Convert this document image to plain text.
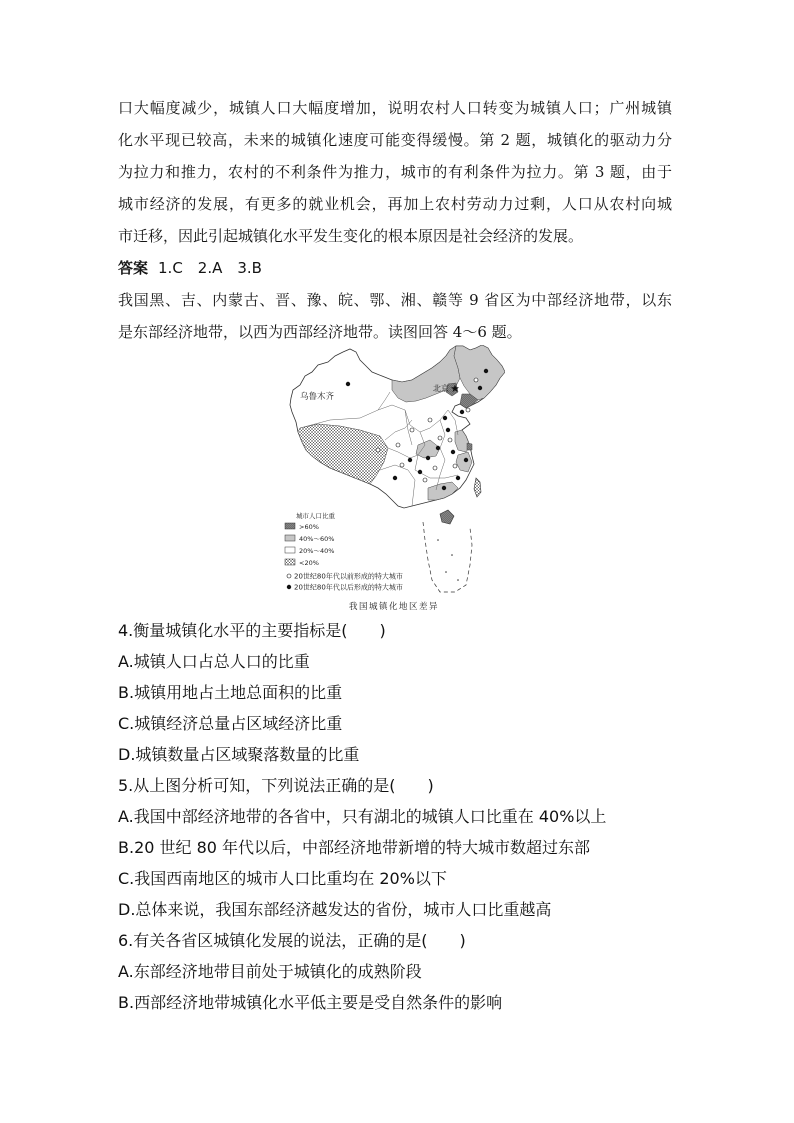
口大幅度减少，城镇人口大幅度增加，说明农村人口转变为城镇人口；广州城镇
化水平现已较高，未来的城镇化速度可能变得缓慢。第 2 题，城镇化的驱动力分
为拉力和推力，农村的不利条件为推力，城市的有利条件为拉力。第 3 题，由于
城市经济的发展，有更多的就业机会，再加上农村劳动力过剩，人口从农村向城
市迁移，因此引起城镇化水平发生变化的根本原因是社会经济的发展。
答案 1.C　2.A　3.B
我国黑、吉、内蒙古、晋、豫、皖、鄂、湘、赣等 9 省区为中部经济地带，以东
是东部经济地带，以西为西部经济地带。读图回答 4～6 题。
乌鲁木齐
北京
城市人口比重
>60%
40%～60%
20%～40%
<20%
20世纪80年代以前形成的特大城市
20世纪80年代以后形成的特大城市
我国城镇化地区差异
4.衡量城镇化水平的主要指标是(　　)
A.城镇人口占总人口的比重
B.城镇用地占土地总面积的比重
C.城镇经济总量占区域经济比重
D.城镇数量占区域聚落数量的比重
5.从上图分析可知，下列说法正确的是(　　)
A.我国中部经济地带的各省中，只有湖北的城镇人口比重在 40%以上
B.20 世纪 80 年代以后，中部经济地带新增的特大城市数超过东部
C.我国西南地区的城市人口比重均在 20%以下
D.总体来说，我国东部经济越发达的省份，城市人口比重越高
6.有关各省区城镇化发展的说法，正确的是(　　)
A.东部经济地带目前处于城镇化的成熟阶段
B.西部经济地带城镇化水平低主要是受自然条件的影响
